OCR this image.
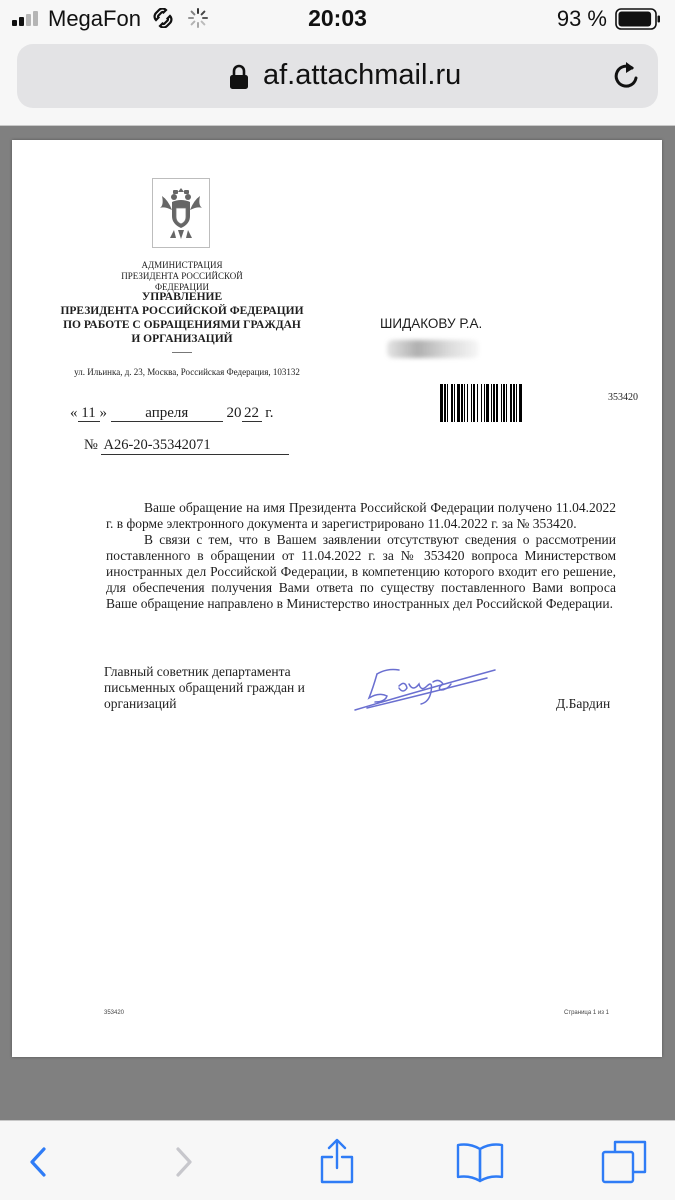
MegaFon	20:03	93 %
af.attachmail.ru
АДМИНИСТРАЦИЯ ПРЕЗИДЕНТА РОССИЙСКОЙ ФЕДЕРАЦИИ
УПРАВЛЕНИЕ
ПРЕЗИДЕНТА РОССИЙСКОЙ ФЕДЕРАЦИИ
ПО РАБОТЕ С ОБРАЩЕНИЯМИ ГРАЖДАН
И ОРГАНИЗАЦИЙ
ул. Ильинка, д. 23, Москва, Российская Федерация, 103132
ШИДАКОВУ Р.А.
353420
« 11 »  апреля	20 22 г.
№ А26-20-35342071

Ваше обращение на имя Президента Российской Федерации получено 11.04.2022 г. в форме электронного документа и зарегистрировано 11.04.2022 г. за № 353420.

В связи с тем, что в Вашем заявлении отсутствуют сведения о рассмотрении поставленного в обращении от 11.04.2022 г. за № 353420 вопроса Министерством иностранных дел Российской Федерации, в компетенцию которого входит его решение, для обеспечения получения Вами ответа по существу поставленного Вами вопроса Ваше обращение направлено в Министерство иностранных дел Российской Федерации.

Главный советник департамента
письменных обращений граждан и
организаций	Д.Бардин
353420	Страница 1 из 1
